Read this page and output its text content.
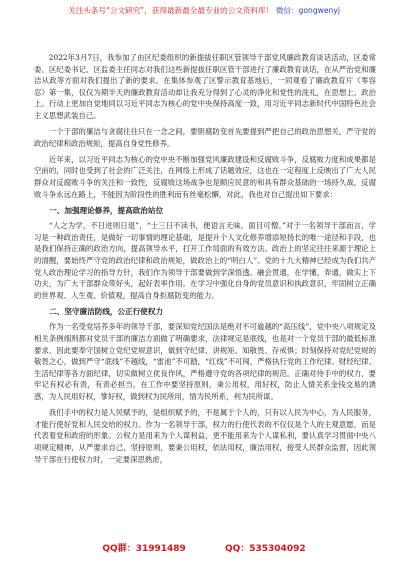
关注头条号“公文研究”，获得最新最全最专业的公文资料库！ 微信：gongwenyj

2022年3月7日，我参加了由区纪委组织的新提拔任职区管领导干部党风廉政教育谈话活动，区委常委、区纪委书记、区监委主任同志对我们这些新提拔任职区管干部进行了廉政教育谈话，在从严治党和廉洁从政等方面对我们提出了新的要求。在集体参观了区警示教育基地后，一同观看了廉政教育片《零容忍》第一集，仅仅为期半天的廉政教育活动却让我充分得到了心灵的净化和党性的洗礼，在思想上、政治上、行动上更加自觉地同以习近平同志为核心的党中央保持高度一致，用习近平同志新时代中国特色社会主义思想武装自己。

一个干部的廉洁与贪腐往往只在一念之间，要胆腐防变首先要提到严把自己的政治思想关，严守党的政治纪律和政治规矩，提高自身党性修养。

近年来，以习近平同志为核心的党中央不断加强党风廉政建设和反腐败斗争，反腐败力度和成果都是空前的，同时也受到了社会的广泛关注，在网络上形成了话题效应，这也在一定程度上反映出了广大人民群众对反腐败斗争的关注和一致性，反腐败这场战争也是顺应民意的和具有群众基础的一场持久战，反腐败斗争永远在路上，不能因为阶段性的胜利而有丝毫松懈。对此，我也对自己提出如下要求：

一、加强理论修养，提高政治站位

“人之为学，不日进则日退”，“士三日不读书，便语言无味，面目可憎。”对于一名领导干部而言，学习是一种政治责任，是做好一切事情的理论基础，是提升个人文化修养增添短扬长的唯一途径和手段，也是我们保持正确的政治方向，提高领导水平，打开工作局面的有效方法。政治上的坚定往往来源于理论上的清醒，要始终严守党的政治纪律和政治规矩，做政治上的“明白人”。党的十九大精神已经成为我们共产党人政治理论学习的指导方针，我们作为领导干部要做到学深悟透、融会贯通，在学懂、弄通，做实上下功夫，为广大干部群众带好头，起好表率作用。在学习中强化自身的党员意识和执政意识，牢固树立正确的世界观、人生观、价值观，提高自身拒腐防变的能力。

二、坚守廉洁防线，公正行使权力

作为一名受党培养多年的领导干部，要深知党纪国法是绝对不可逾越的“高压线”，党中央八项规定及相关条例细则都对党员干部的廉洁方面做了明确要求，法律规定是底线，也是对一个党员干部的最低标准要求。因此要奉守国树立党纪党规意识，做到守纪律、讲规矩、知敬畏、存戒惧；时刻保持对党纪党规的敬畏之心，做到严守“底线”不越线，“雷池”不可踏，“红线”不可闯，严格执行党的工作纪律、财经纪律、生活纪律等各方面纪律，切实做树立优良作风，严格遵守党的各项纪律的规范。正确对待手中的权力，要牢记有权必有责，有责必担当，在工作中要坚持原则，秉公用权，用好权，防止人情关系金钱交易的诱惑，为人民用好权，掌好权，做到权为民所用，情为民所系，利为民所谋。

我们手中的权力是人民赋予的，是组织赋予的，不是属于个人的，只有以人民为中心，为人民服务，才能行使好党和人民交给的权力。作为一名领导干部，权力的行使代表的不仅仅是个人的主观意愿，而是代表着党和政府的形象。公权力是用来为个人谋利益，更不能用来为个人谋私利，要认真学习贯彻中央八项规定精神，从严要求自己，坚持原则，要秉公用权，依法用权，廉洁用权，接受人民群众监督，因此领导干部在行使权力时，一定要深思熟虑，

QQ群：31991489	QQ：535304092
